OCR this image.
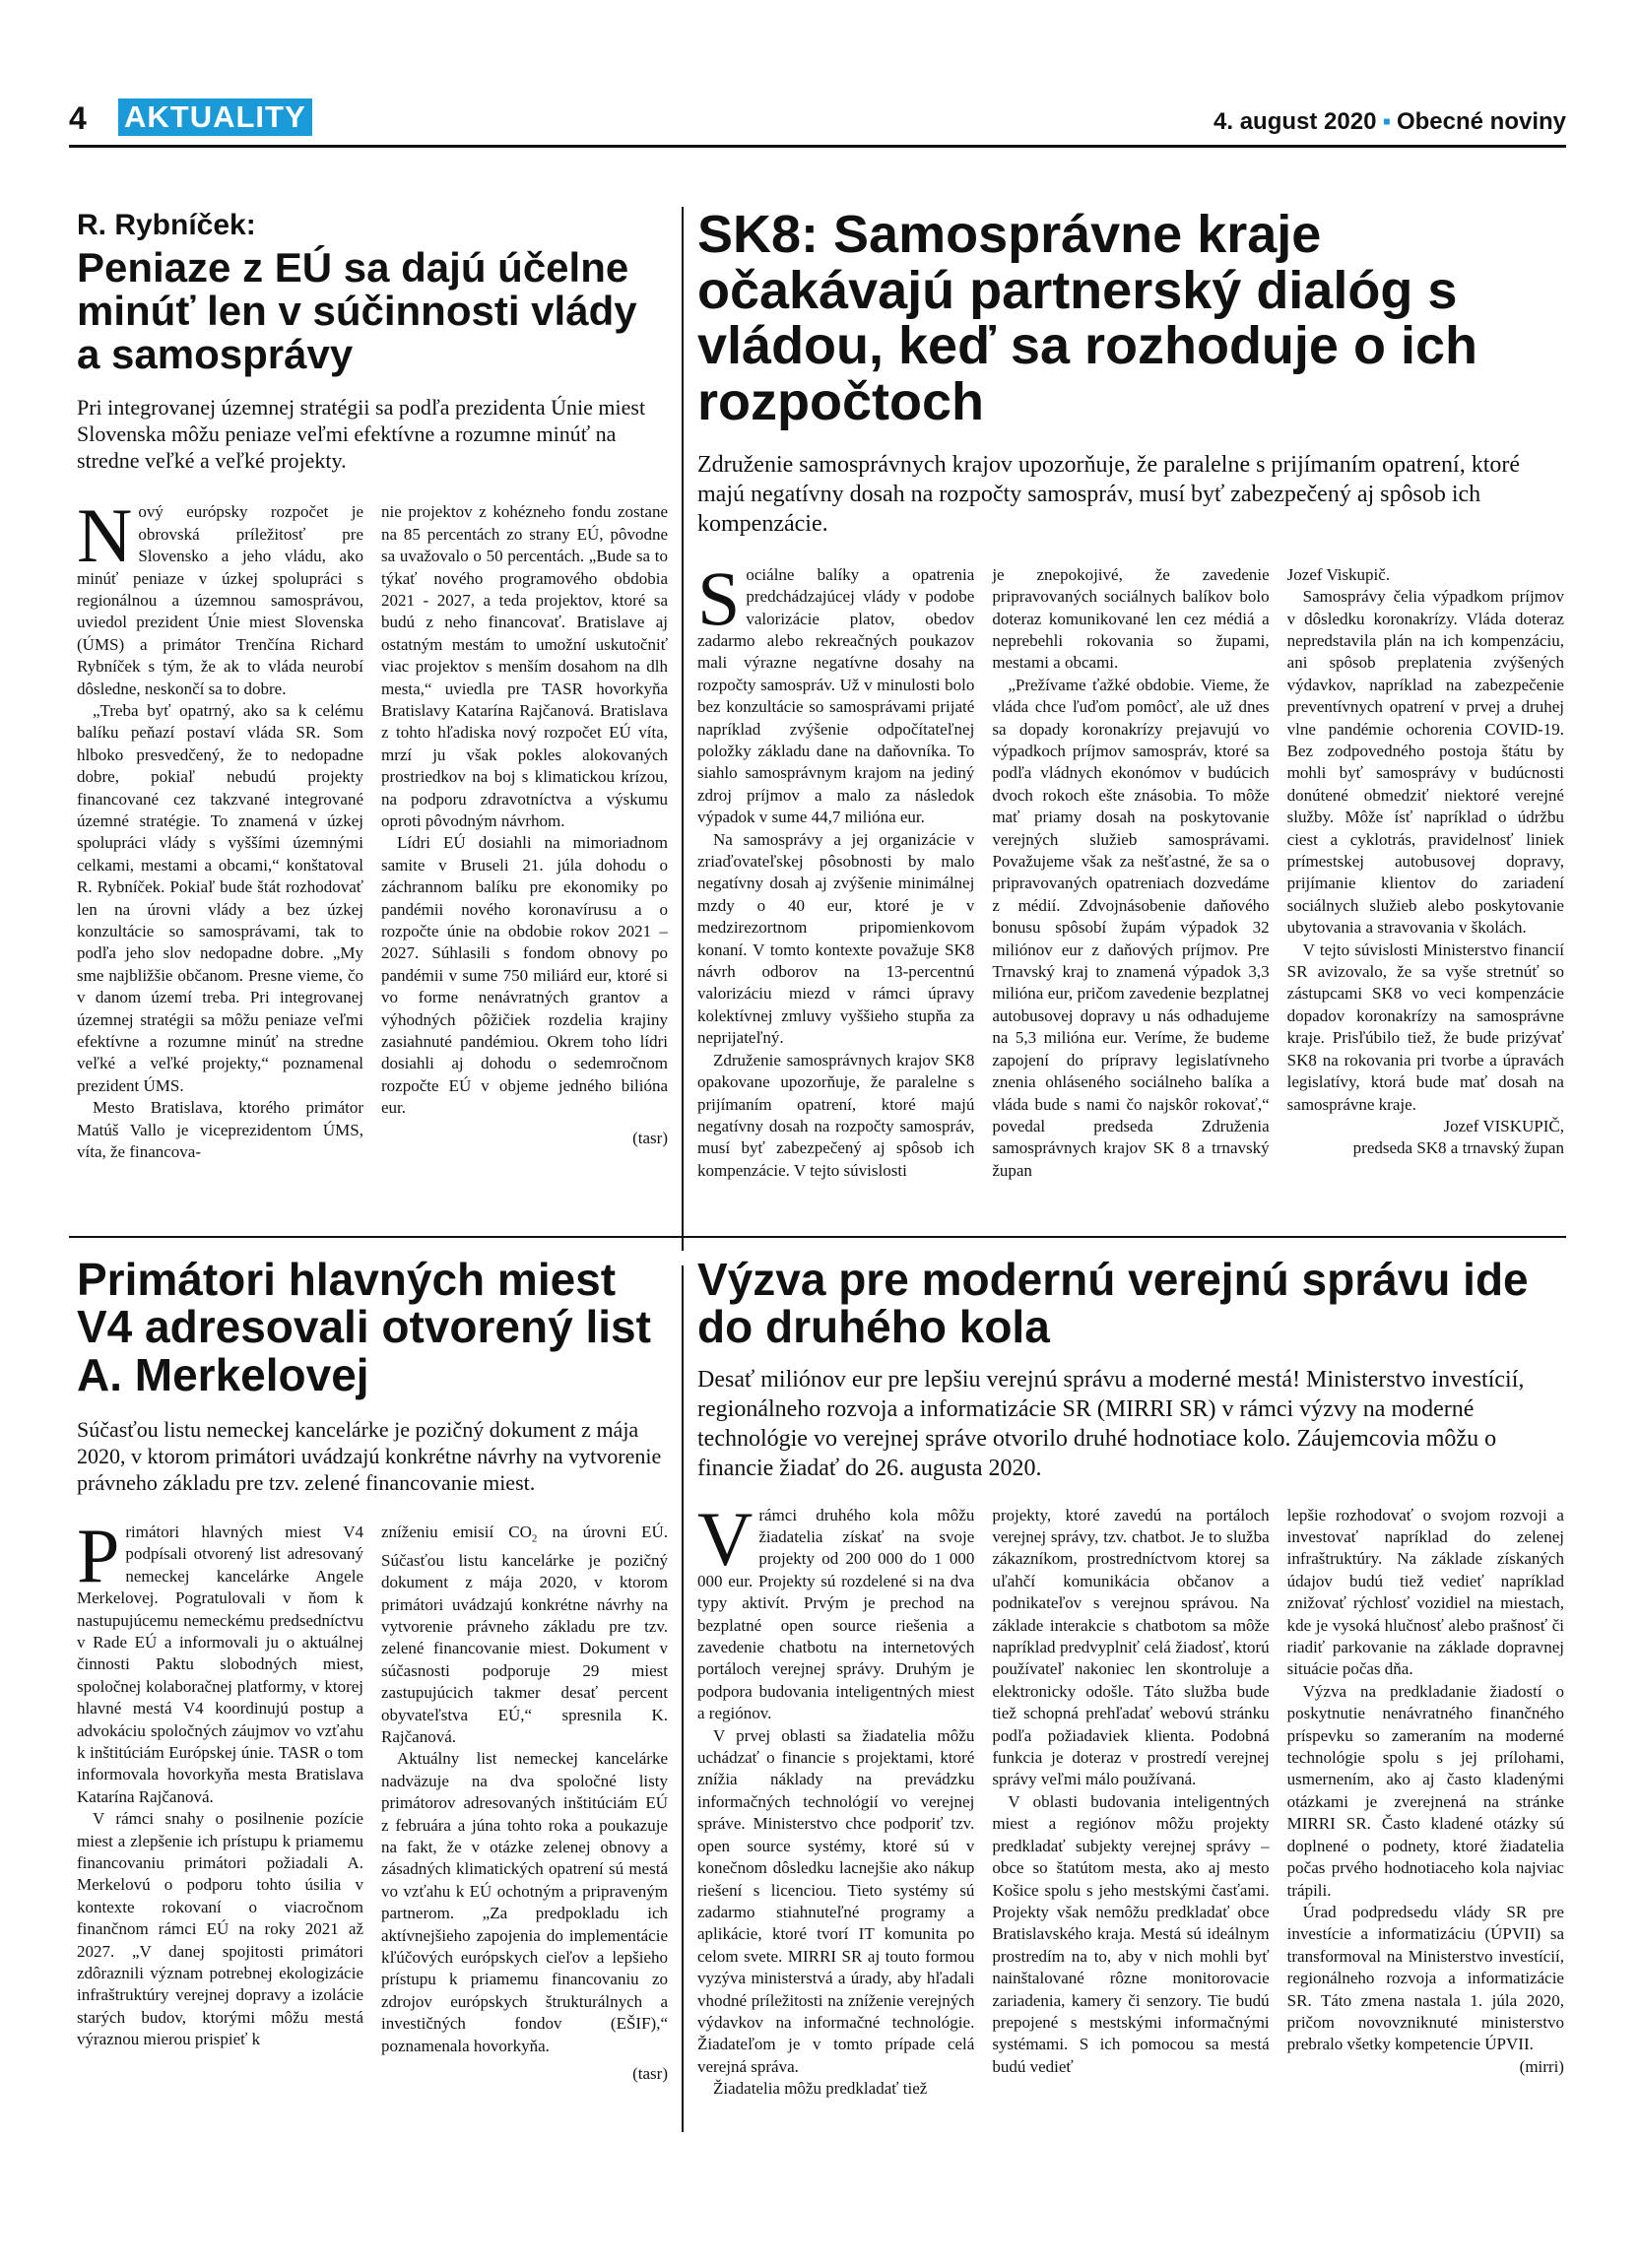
4 AKTUALITY	4. august 2020 ▪ Obecné noviny
R. Rybníček:
Peniaze z EÚ sa dajú účelne minúť len v súčinnosti vlády a samosprávy
Pri integrovanej územnej stratégii sa podľa prezidenta Únie miest Slovenska môžu peniaze veľmi efektívne a rozumne minúť na stredne veľké a veľké projekty.
N ový európsky rozpočet je obrovská príležitosť pre Slovensko a jeho vládu, ako minúť peniaze v úzkej spolupráci s regionálnou a územnou samosprávou, uviedol prezident Únie miest Slovenska (ÚMS) a primátor Trenčína Richard Rybníček s tým, že ak to vláda neurobí dôsledne, neskončí sa to dobre.

„Treba byť opatrný, ako sa k celému balíku peňazí postaví vláda SR. Som hlboko presvedčený, že to nedopadne dobre, pokiaľ nebudú projekty financované cez takzvané integrované územné stratégie. To znamená v úzkej spolupráci vlády s vyššími územnými celkami, mestami a obcami,“ konštatoval R. Rybníček. Pokiaľ bude štát rozhodovať len na úrovni vlády a bez úzkej konzultácie so samosprávami, tak to podľa jeho slov nedopadne dobre. „My sme najbližšie občanom. Presne vieme, čo v danom území treba. Pri integrovanej územnej stratégii sa môžu peniaze veľmi efektívne a rozumne minúť na stredne veľké a veľké projekty,“ poznamenal prezident ÚMS.

Mesto Bratislava, ktorého primátor Matúš Vallo je viceprezidentom ÚMS, víta, že financova-

nie projektov z kohézneho fondu zostane na 85 percentách zo strany EÚ, pôvodne sa uvažovalo o 50 percentách. „Bude sa to týkať nového programového obdobia 2021 - 2027, a teda projektov, ktoré sa budú z neho financovať. Bratislave aj ostatným mestám to umožní uskutočniť viac projektov s menším dosahom na dlh mesta,“ uviedla pre TASR hovorkyňa Bratislavy Katarína Rajčanová. Bratislava z tohto hľadiska nový rozpočet EÚ víta, mrzí ju však pokles alokovaných prostriedkov na boj s klimatickou krízou, na podporu zdravotníctva a výskumu oproti pôvodným návrhom.

Lídri EÚ dosiahli na mimoriadnom samite v Bruseli 21. júla dohodu o záchrannom balíku pre ekonomiky po pandémii nového koronavírusu a o rozpočte únie na obdobie rokov 2021 – 2027. Súhlasili s fondom obnovy po pandémii v sume 750 miliárd eur, ktoré si vo forme nenávratných grantov a výhodných pôžičiek rozdelia krajiny zasiahnuté pandémiou. Okrem toho lídri dosiahli aj dohodu o sedemročnom rozpočte EÚ v objeme jedného bilióna eur.

(tasr)
SK8: Samosprávne kraje očakávajú partnerský dialóg s vládou, keď sa rozhoduje o ich rozpočtoch
Združenie samosprávnych krajov upozorňuje, že paralelne s prijímaním opatrení, ktoré majú negatívny dosah na rozpočty samospráv, musí byť zabezpečený aj spôsob ich kompenzácie.
S ociálne balíky a opatrenia predchádzajúcej vlády v podobe valorizácie platov, obedov zadarmo alebo rekreačných poukazov mali výrazne negatívne dosahy na rozpočty samospráv. Už v minulosti bolo bez konzultácie so samosprávami prijaté napríklad zvýšenie odpočítateľnej položky základu dane na daňovníka. To siahlo samosprávnym krajom na jediný zdroj príjmov a malo za následok výpadok v sume 44,7 milióna eur.

Na samosprávy a jej organizácie v zriaďovateľskej pôsobnosti by malo negatívny dosah aj zvýšenie minimálnej mzdy o 40 eur, ktoré je v medzirezortnom pripomienkovom konaní. V tomto kontexte považuje SK8 návrh odborov na 13-percentnú valorizáciu miezd v rámci úpravy kolektívnej zmluvy vyššieho stupňa za neprijateľný.

Združenie samosprávnych krajov SK8 opakovane upozorňuje, že paralelne s prijímaním opatrení, ktoré majú negatívny dosah na rozpočty samospráv, musí byť zabezpečený aj spôsob ich kompenzácie. V tejto súvislosti

je znepokojivé, že zavedenie pripravovaných sociálnych balíkov bolo doteraz komunikované len cez médiá a neprebehli rokovania so župami, mestami a obcami.

„Prežívame ťažké obdobie. Vieme, že vláda chce ľuďom pomôcť, ale už dnes sa dopady koronakrízy prejavujú vo výpadkoch príjmov samospráv, ktoré sa podľa vládnych ekonómov v budúcich dvoch rokoch ešte znásobia. To môže mať priamy dosah na poskytovanie verejných služieb samosprávami. Považujeme však za nešťastné, že sa o pripravovaných opatreniach dozvedáme z médií. Zdvojnásobenie daňového bonusu spôsobí župám výpadok 32 miliónov eur z daňových príjmov. Pre Trnavský kraj to znamená výpadok 3,3 milióna eur, pričom zavedenie bezplatnej autobusovej dopravy u nás odhadujeme na 5,3 milióna eur. Veríme, že budeme zapojení do prípravy legislatívneho znenia ohláseného sociálneho balíka a vláda bude s nami čo najskôr rokovať,“ povedal predseda Združenia samosprávnych krajov SK 8 a trnavský župan

Jozef Viskupič.

Samosprávy čelia výpadkom príjmov v dôsledku koronakrízy. Vláda doteraz nepredstavila plán na ich kompenzáciu, ani spôsob preplatenia zvýšených výdavkov, napríklad na zabezpečenie preventívnych opatrení v prvej a druhej vlne pandémie ochorenia COVID-19. Bez zodpovedného postoja štátu by mohli byť samosprávy v budúcnosti donútené obmedziť niektoré verejné služby. Môže ísť napríklad o údržbu ciest a cyklotrás, pravidelnosť liniek prímestskej autobusovej dopravy, prijímanie klientov do zariadení sociálnych služieb alebo poskytovanie ubytovania a stravovania v školách.

V tejto súvislosti Ministerstvo financií SR avizovalo, že sa vyše stretnúť so zástupcami SK8 vo veci kompenzácie dopadov koronakrízy na samosprávne kraje. Prisľúbilo tiež, že bude prizývať SK8 na rokovania pri tvorbe a úpravách legislatívy, ktorá bude mať dosah na samosprávne kraje.

Jozef VISKUPIČ,
predseda SK8 a trnavský župan
Primátori hlavných miest V4 adresovali otvorený list A. Merkelovej
Súčasťou listu nemeckej kancelárke je pozičný dokument z mája 2020, v ktorom primátori uvádzajú konkrétne návrhy na vytvorenie právneho základu pre tzv. zelené financovanie miest.
P rimátori hlavných miest V4 podpísali otvorený list adresovaný nemeckej kancelárke Angele Merkelovej. Pogratulovali v ňom k nastupujúcemu nemeckému predsedníctvu v Rade EÚ a informovali ju o aktuálnej činnosti Paktu slobodných miest, spoločnej kolaboračnej platformy, v ktorej hlavné mestá V4 koordinujú postup a advokáciu spoločných záujmov vo vzťahu k inštitúciám Európskej únie. TASR o tom informovala hovorkyňa mesta Bratislava Katarína Rajčanová.

V rámci snahy o posilnenie pozície miest a zlepšenie ich prístupu k priamemu financovaniu primátori požiadali A. Merkelovú o podporu tohto úsilia v kontexte rokovaní o viacročnom finančnom rámci EÚ na roky 2021 až 2027. „V danej spojitosti primátori zdôraznili význam potrebnej ekologizácie infraštruktúry verejnej dopravy a izolácie starých budov, ktorými môžu mestá výraznou mierou prispieť k

zníženiu emisií $CO_2$ na úrovni EÚ. Súčasťou listu kancelárke je pozičný dokument z mája 2020, v ktorom primátori uvádzajú konkrétne návrhy na vytvorenie právneho základu pre tzv. zelené financovanie miest. Dokument v súčasnosti podporuje 29 miest zastupujúcich takmer desať percent obyvateľstva EÚ,“ spresnila K. Rajčanová.

Aktuálny list nemeckej kancelárke nadväzuje na dva spoločné listy primátorov adresovaných inštitúciám EÚ z februára a júna tohto roka a poukazuje na fakt, že v otázke zelenej obnovy a zásadných klimatických opatrení sú mestá vo vzťahu k EÚ ochotným a pripraveným partnerom. „Za predpokladu ich aktívnejšieho zapojenia do implementácie kľúčových európskych cieľov a lepšieho prístupu k priamemu financovaniu zo zdrojov európskych štrukturálnych a investičných fondov (EŠIF),“ poznamenala hovorkyňa.

(tasr)
Výzva pre modernú verejnú správu ide do druhého kola
Desať miliónov eur pre lepšiu verejnú správu a moderné mestá! Ministerstvo investícií, regionálneho rozvoja a informatizácie SR (MIRRI SR) v rámci výzvy na moderné technológie vo verejnej správe otvorilo druhé hodnotiace kolo. Záujemcovia môžu o financie žiadať do 26. augusta 2020.
V rámci druhého kola môžu žiadatelia získať na svoje projekty od 200 000 do 1 000 000 eur. Projekty sú rozdelené si na dva typy aktivít. Prvým je prechod na bezplatné open source riešenia a zavedenie chatbotu na internetových portáloch verejnej správy. Druhým je podpora budovania inteligentných miest a regiónov.

V prvej oblasti sa žiadatelia môžu uchádzať o financie s projektami, ktoré znížia náklady na prevádzku informačných technológií vo verejnej správe. Ministerstvo chce podporiť tzv. open source systémy, ktoré sú v konečnom dôsledku lacnejšie ako nákup riešení s licenciou. Tieto systémy sú zadarmo stiahnuteľné programy a aplikácie, ktoré tvorí IT komunita po celom svete. MIRRI SR aj touto formou vyzýva ministerstvá a úrady, aby hľadali vhodné príležitosti na zníženie verejných výdavkov na informačné technológie. Žiadateľom je v tomto prípade celá verejná správa.

Žiadatelia môžu predkladať tiež

projekty, ktoré zavedú na portáloch verejnej správy, tzv. chatbot. Je to služba zákazníkom, prostredníctvom ktorej sa uľahčí komunikácia občanov a podnikateľov s verejnou správou. Na základe interakcie s chatbotom sa môže napríklad predvyplniť celá žiadosť, ktorú používateľ nakoniec len skontroluje a elektronicky odošle. Táto služba bude tiež schopná prehľadať webovú stránku podľa požiadaviek klienta. Podobná funkcia je doteraz v prostredí verejnej správy veľmi málo používaná.

V oblasti budovania inteligentných miest a regiónov môžu projekty predkladať subjekty verejnej správy – obce so štatútom mesta, ako aj mesto Košice spolu s jeho mestskými časťami. Projekty však nemôžu predkladať obce Bratislavského kraja. Mestá sú ideálnym prostredím na to, aby v nich mohli byť nainštalované rôzne monitorovacie zariadenia, kamery či senzory. Tie budú prepojené s mestskými informačnými systémami. S ich pomocou sa mestá budú vedieť

lepšie rozhodovať o svojom rozvoji a investovať napríklad do zelenej infraštruktúry. Na základe získaných údajov budú tiež vedieť napríklad znižovať rýchlosť vozidiel na miestach, kde je vysoká hlučnosť alebo prašnosť či riadiť parkovanie na základe dopravnej situácie počas dňa.

Výzva na predkladanie žiadostí o poskytnutie nenávratného finančného príspevku so zameraním na moderné technológie spolu s jej prílohami, usmernením, ako aj často kladenými otázkami je zverejnená na stránke MIRRI SR. Často kladené otázky sú doplnené o podnety, ktoré žiadatelia počas prvého hodnotiaceho kola najviac trápili.

Úrad podpredsedu vlády SR pre investície a informatizáciu (ÚPVII) sa transformoval na Ministerstvo investícií, regionálneho rozvoja a informatizácie SR. Táto zmena nastala 1. júla 2020, pričom novovzniknuté ministerstvo prebralo všetky kompetencie ÚPVII.

(mirri)
